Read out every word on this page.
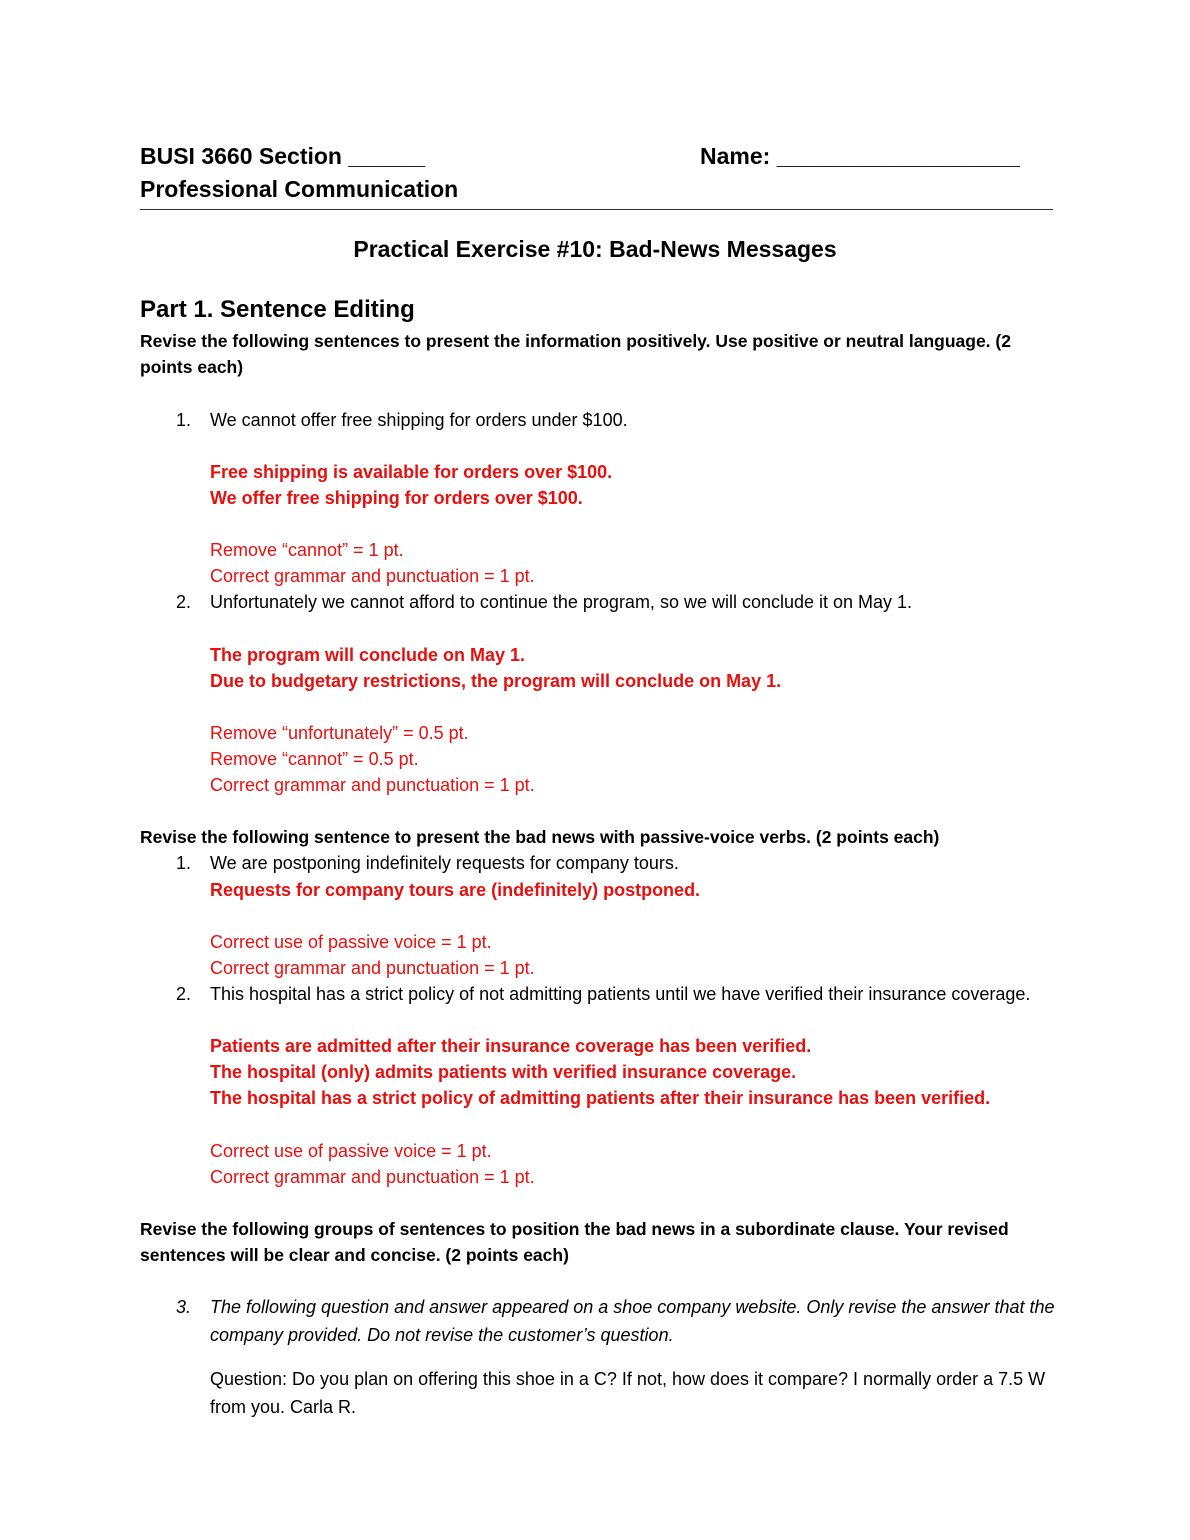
BUSI 3660 Section ______
Professional Communication
Name: ___________________
Practical Exercise #10: Bad-News Messages
Part 1. Sentence Editing
Revise the following sentences to present the information positively. Use positive or neutral language. (2 points each)
1. We cannot offer free shipping for orders under $100.
Free shipping is available for orders over $100.
We offer free shipping for orders over $100.
Remove “cannot” = 1 pt.
Correct grammar and punctuation = 1 pt.
2. Unfortunately we cannot afford to continue the program, so we will conclude it on May 1.
The program will conclude on May 1.
Due to budgetary restrictions, the program will conclude on May 1.
Remove “unfortunately” = 0.5 pt.
Remove “cannot” = 0.5 pt.
Correct grammar and punctuation = 1 pt.
Revise the following sentence to present the bad news with passive-voice verbs. (2 points each)
1. We are postponing indefinitely requests for company tours.
Requests for company tours are (indefinitely) postponed.
Correct use of passive voice = 1 pt.
Correct grammar and punctuation = 1 pt.
2. This hospital has a strict policy of not admitting patients until we have verified their insurance coverage.
Patients are admitted after their insurance coverage has been verified.
The hospital (only) admits patients with verified insurance coverage.
The hospital has a strict policy of admitting patients after their insurance has been verified.
Correct use of passive voice = 1 pt.
Correct grammar and punctuation = 1 pt.
Revise the following groups of sentences to position the bad news in a subordinate clause. Your revised sentences will be clear and concise. (2 points each)
3. The following question and answer appeared on a shoe company website. Only revise the answer that the company provided. Do not revise the customer’s question.
Question: Do you plan on offering this shoe in a C? If not, how does it compare? I normally order a 7.5 W from you. Carla R.
